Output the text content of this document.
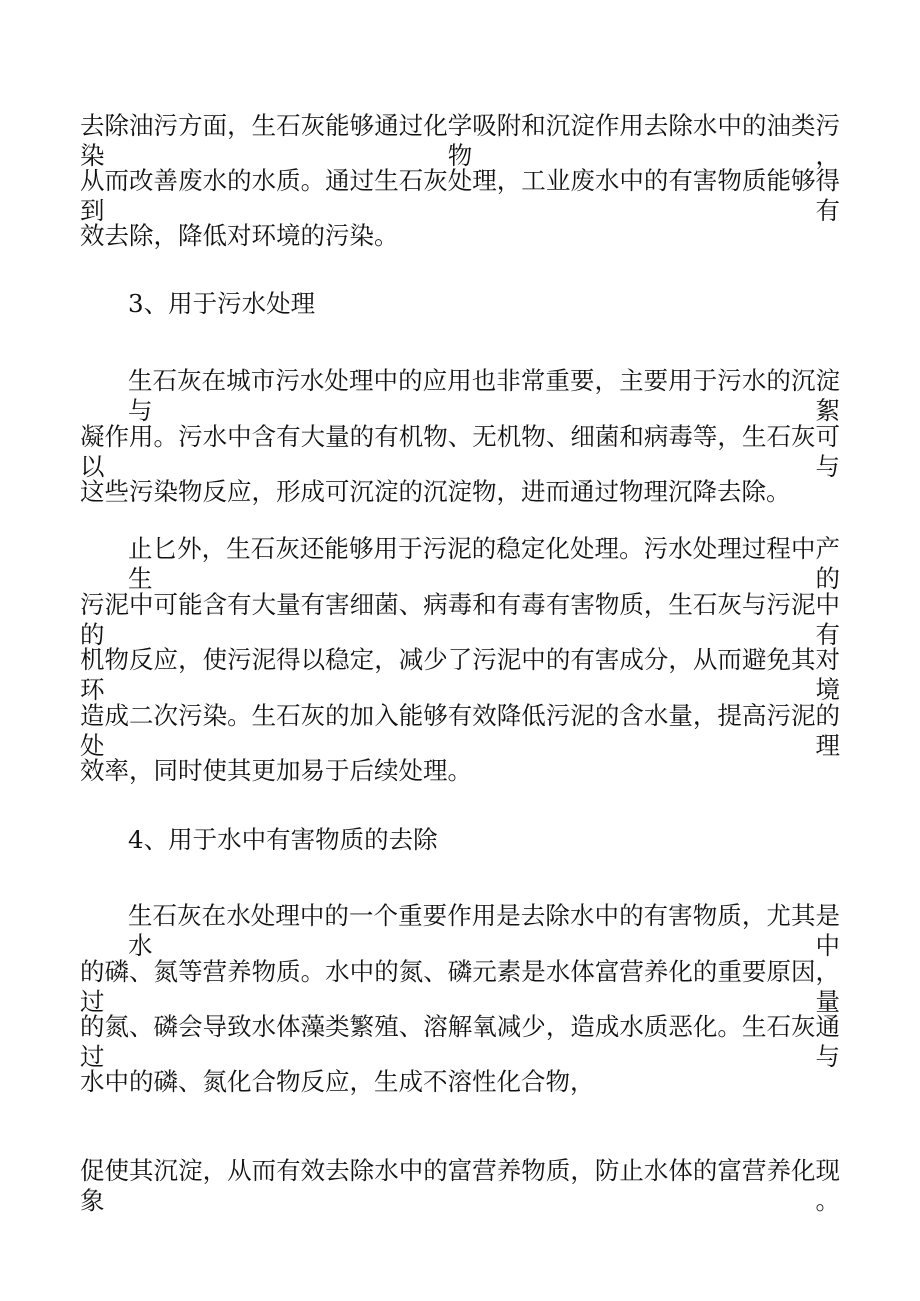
去除油污方面，生石灰能够通过化学吸附和沉淀作用去除水中的油类污染物，
从而改善废水的水质。通过生石灰处理，工业废水中的有害物质能够得到有
效去除，降低对环境的污染。
3、用于污水处理
生石灰在城市污水处理中的应用也非常重要，主要用于污水的沉淀与絮
凝作用。污水中含有大量的有机物、无机物、细菌和病毒等，生石灰可以与
这些污染物反应，形成可沉淀的沉淀物，进而通过物理沉降去除。
止匕外，生石灰还能够用于污泥的稳定化处理。污水处理过程中产生的
污泥中可能含有大量有害细菌、病毒和有毒有害物质，生石灰与污泥中的有
机物反应，使污泥得以稳定，减少了污泥中的有害成分，从而避免其对环境
造成二次污染。生石灰的加入能够有效降低污泥的含水量，提高污泥的处理
效率，同时使其更加易于后续处理。
4、用于水中有害物质的去除
生石灰在水处理中的一个重要作用是去除水中的有害物质，尤其是水中
的磷、氮等营养物质。水中的氮、磷元素是水体富营养化的重要原因，过量
的氮、磷会导致水体藻类繁殖、溶解氧减少，造成水质恶化。生石灰通过与
水中的磷、氮化合物反应，生成不溶性化合物，
促使其沉淀，从而有效去除水中的富营养物质，防止水体的富营养化现象。
